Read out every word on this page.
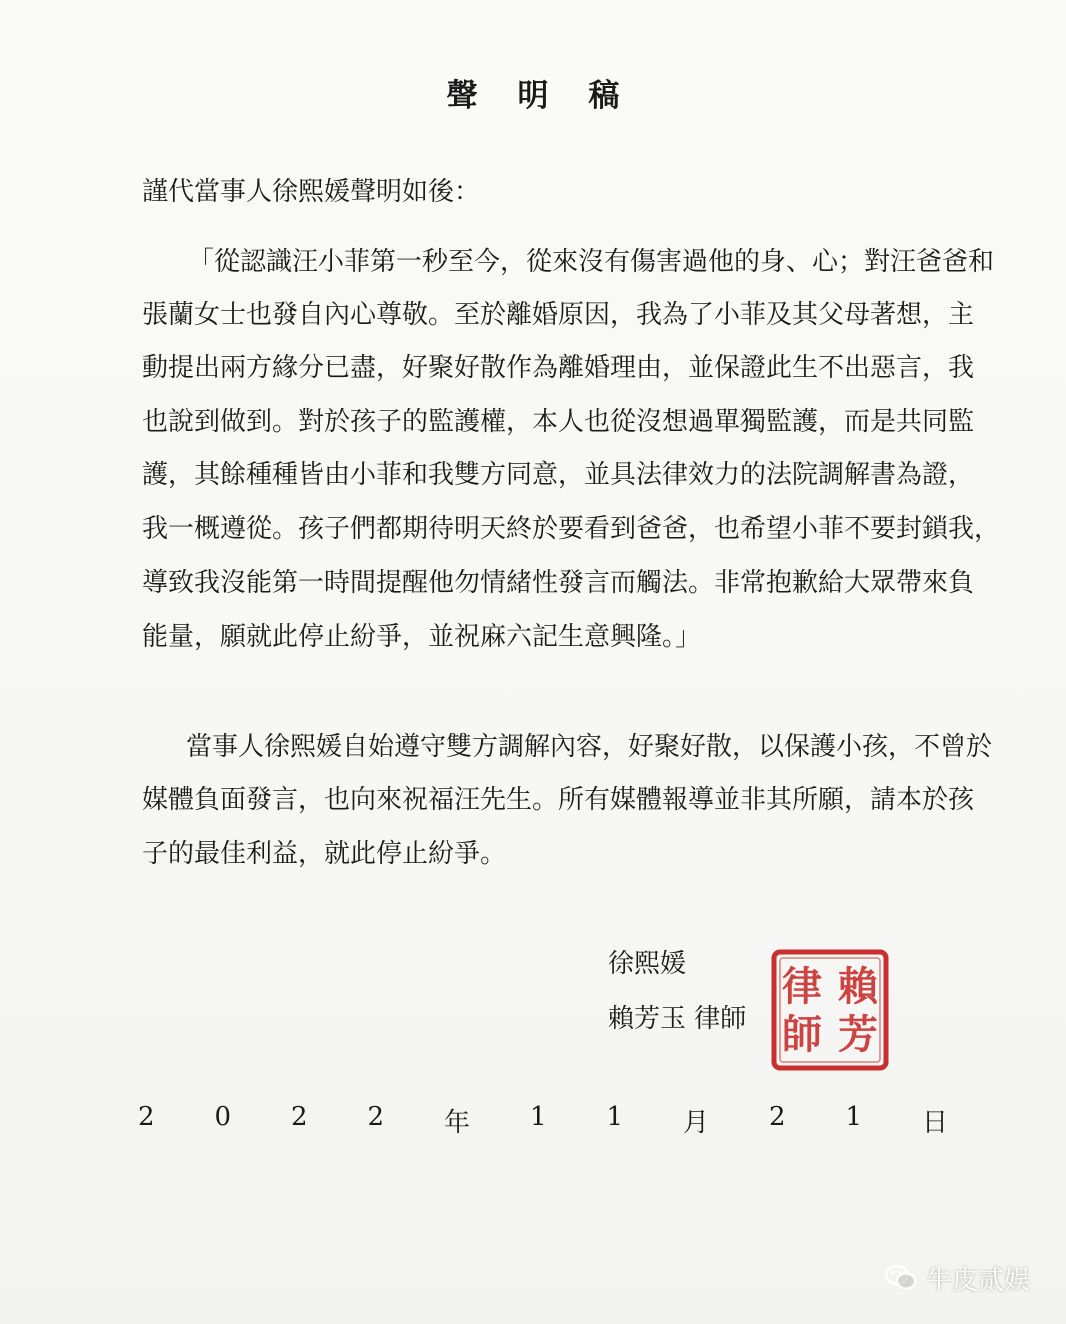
聲 明 稿
謹代當事人徐熙媛聲明如後：
「從認識汪小菲第一秒至今，從來沒有傷害過他的身、心；對汪爸爸和
張蘭女士也發自內心尊敬。至於離婚原因，我為了小菲及其父母著想，主
動提出兩方緣分已盡，好聚好散作為離婚理由，並保證此生不出惡言，我
也說到做到。對於孩子的監護權，本人也從沒想過單獨監護，而是共同監
護，其餘種種皆由小菲和我雙方同意，並具法律效力的法院調解書為證，
我一概遵從。孩子們都期待明天終於要看到爸爸，也希望小菲不要封鎖我，
導致我沒能第一時間提醒他勿情緒性發言而觸法。非常抱歉給大眾帶來負
能量，願就此停止紛爭，並祝麻六記生意興隆。」
當事人徐熙媛自始遵守雙方調解內容，好聚好散，以保護小孩，不曾於
媒體負面發言，也向來祝福汪先生。所有媒體報導並非其所願，請本於孩
子的最佳利益，就此停止紛爭。
徐熙媛
賴芳玉 律師
賴
芳
律
師
2 0 2 2 年 1 1 月 2 1 日
牛皮贰娱
